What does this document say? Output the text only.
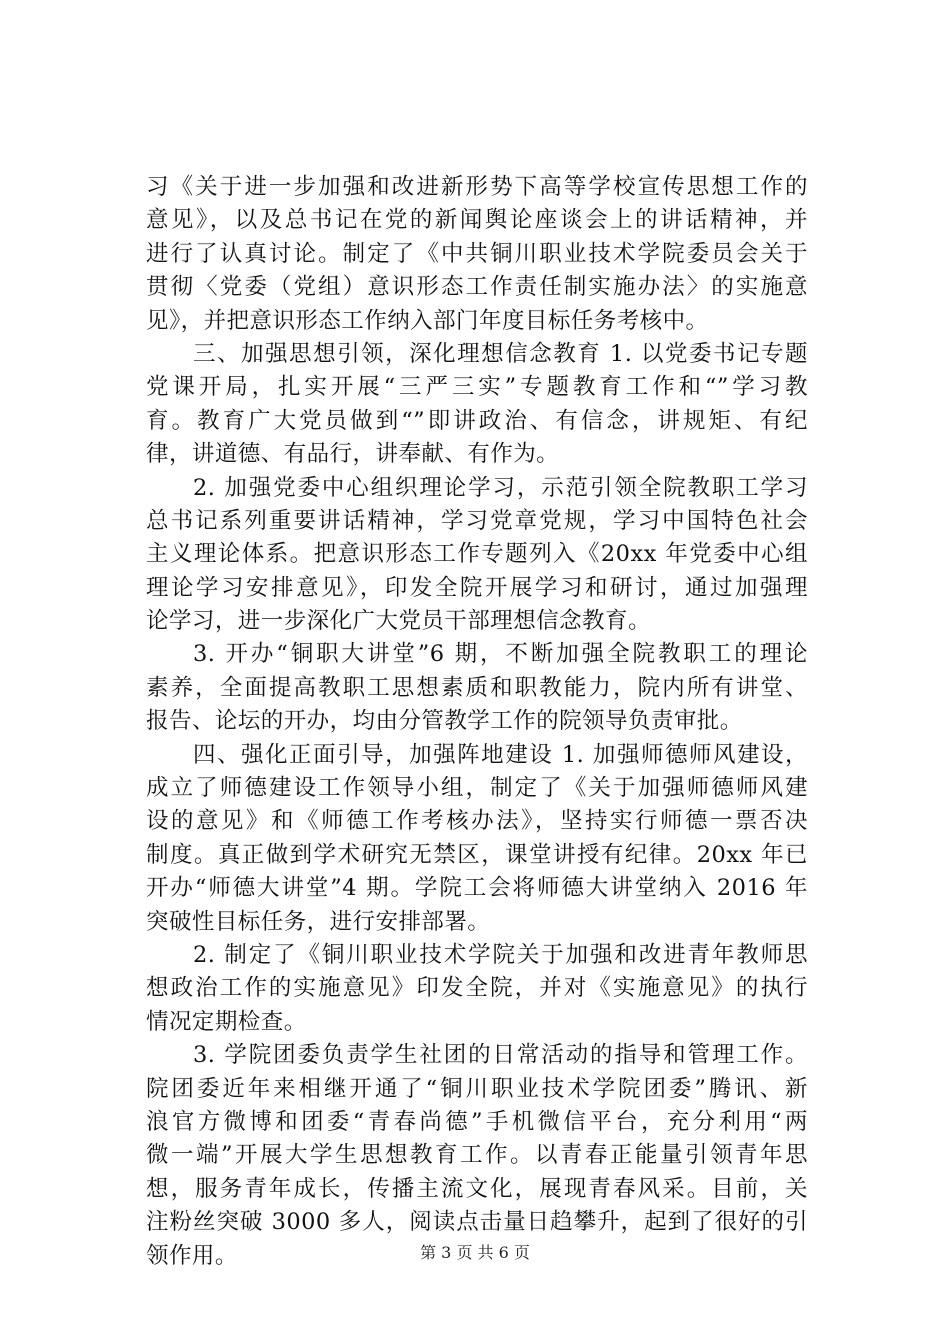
习《关于进一步加强和改进新形势下高等学校宣传思想工作的
意见》，以及总书记在党的新闻舆论座谈会上的讲话精神，并
进行了认真讨论。制定了《中共铜川职业技术学院委员会关于
贯彻〈党委（党组）意识形态工作责任制实施办法〉的实施意
见》，并把意识形态工作纳入部门年度目标任务考核中。
三、加强思想引领，深化理想信念教育 1. 以党委书记专题
党课开局，扎实开展“三严三实”专题教育工作和“”学习教
育。教育广大党员做到“”即讲政治、有信念，讲规矩、有纪
律，讲道德、有品行，讲奉献、有作为。
2. 加强党委中心组织理论学习，示范引领全院教职工学习
总书记系列重要讲话精神，学习党章党规，学习中国特色社会
主义理论体系。把意识形态工作专题列入《20xx 年党委中心组
理论学习安排意见》，印发全院开展学习和研讨，通过加强理
论学习，进一步深化广大党员干部理想信念教育。
3. 开办“铜职大讲堂”6 期，不断加强全院教职工的理论
素养，全面提高教职工思想素质和职教能力，院内所有讲堂、
报告、论坛的开办，均由分管教学工作的院领导负责审批。
四、强化正面引导，加强阵地建设 1. 加强师德师风建设，
成立了师德建设工作领导小组，制定了《关于加强师德师风建
设的意见》和《师德工作考核办法》，坚持实行师德一票否决
制度。真正做到学术研究无禁区，课堂讲授有纪律。20xx 年已
开办“师德大讲堂”4 期。学院工会将师德大讲堂纳入 2016 年
突破性目标任务，进行安排部署。
2. 制定了《铜川职业技术学院关于加强和改进青年教师思
想政治工作的实施意见》印发全院，并对《实施意见》的执行
情况定期检查。
3. 学院团委负责学生社团的日常活动的指导和管理工作。
院团委近年来相继开通了“铜川职业技术学院团委”腾讯、新
浪官方微博和团委“青春尚德”手机微信平台，充分利用“两
微一端”开展大学生思想教育工作。以青春正能量引领青年思
想，服务青年成长，传播主流文化，展现青春风采。目前，关
注粉丝突破 3000 多人，阅读点击量日趋攀升，起到了很好的引
领作用。	第 3 页 共 6 页
